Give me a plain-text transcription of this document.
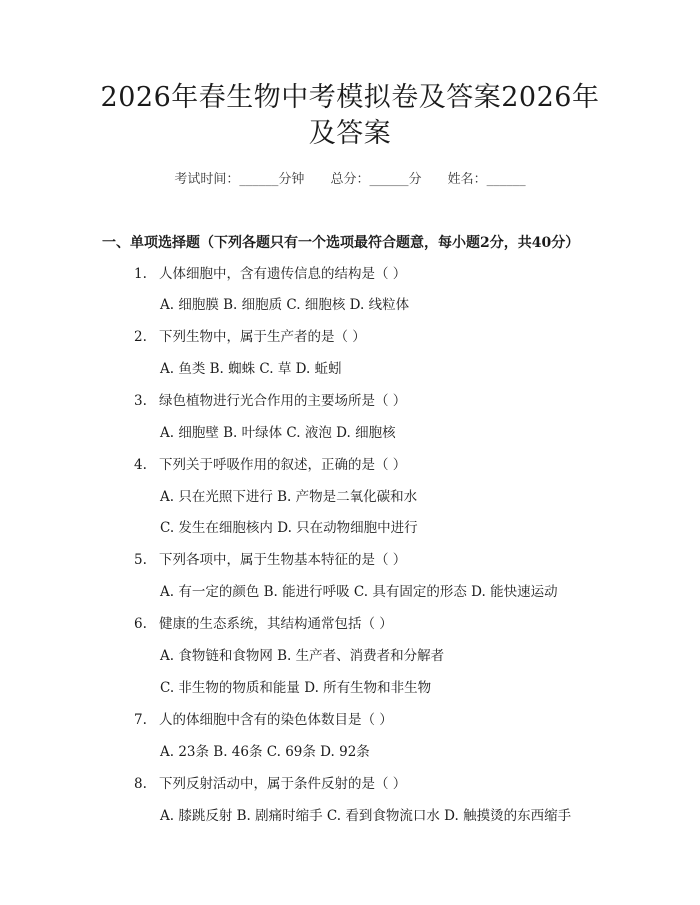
2026年春生物中考模拟卷及答案2026年及答案
考试时间：______分钟 总分：______分 姓名：______
一、单项选择题（下列各题只有一个选项最符合题意，每小题2分，共40分）
1. 人体细胞中，含有遗传信息的结构是（ ）
A. 细胞膜 B. 细胞质 C. 细胞核 D. 线粒体
2. 下列生物中，属于生产者的是（ ）
A. 鱼类 B. 蜘蛛 C. 草 D. 蚯蚓
3. 绿色植物进行光合作用的主要场所是（ ）
A. 细胞壁 B. 叶绿体 C. 液泡 D. 细胞核
4. 下列关于呼吸作用的叙述，正确的是（ ）
A. 只在光照下进行 B. 产物是二氧化碳和水
C. 发生在细胞核内 D. 只在动物细胞中进行
5. 下列各项中，属于生物基本特征的是（ ）
A. 有一定的颜色 B. 能进行呼吸 C. 具有固定的形态 D. 能快速运动
6. 健康的生态系统，其结构通常包括（ ）
A. 食物链和食物网 B. 生产者、消费者和分解者
C. 非生物的物质和能量 D. 所有生物和非生物
7. 人的体细胞中含有的染色体数目是（ ）
A. 23条 B. 46条 C. 69条 D. 92条
8. 下列反射活动中，属于条件反射的是（ ）
A. 膝跳反射 B. 剧痛时缩手 C. 看到食物流口水 D. 触摸烫的东西缩手
